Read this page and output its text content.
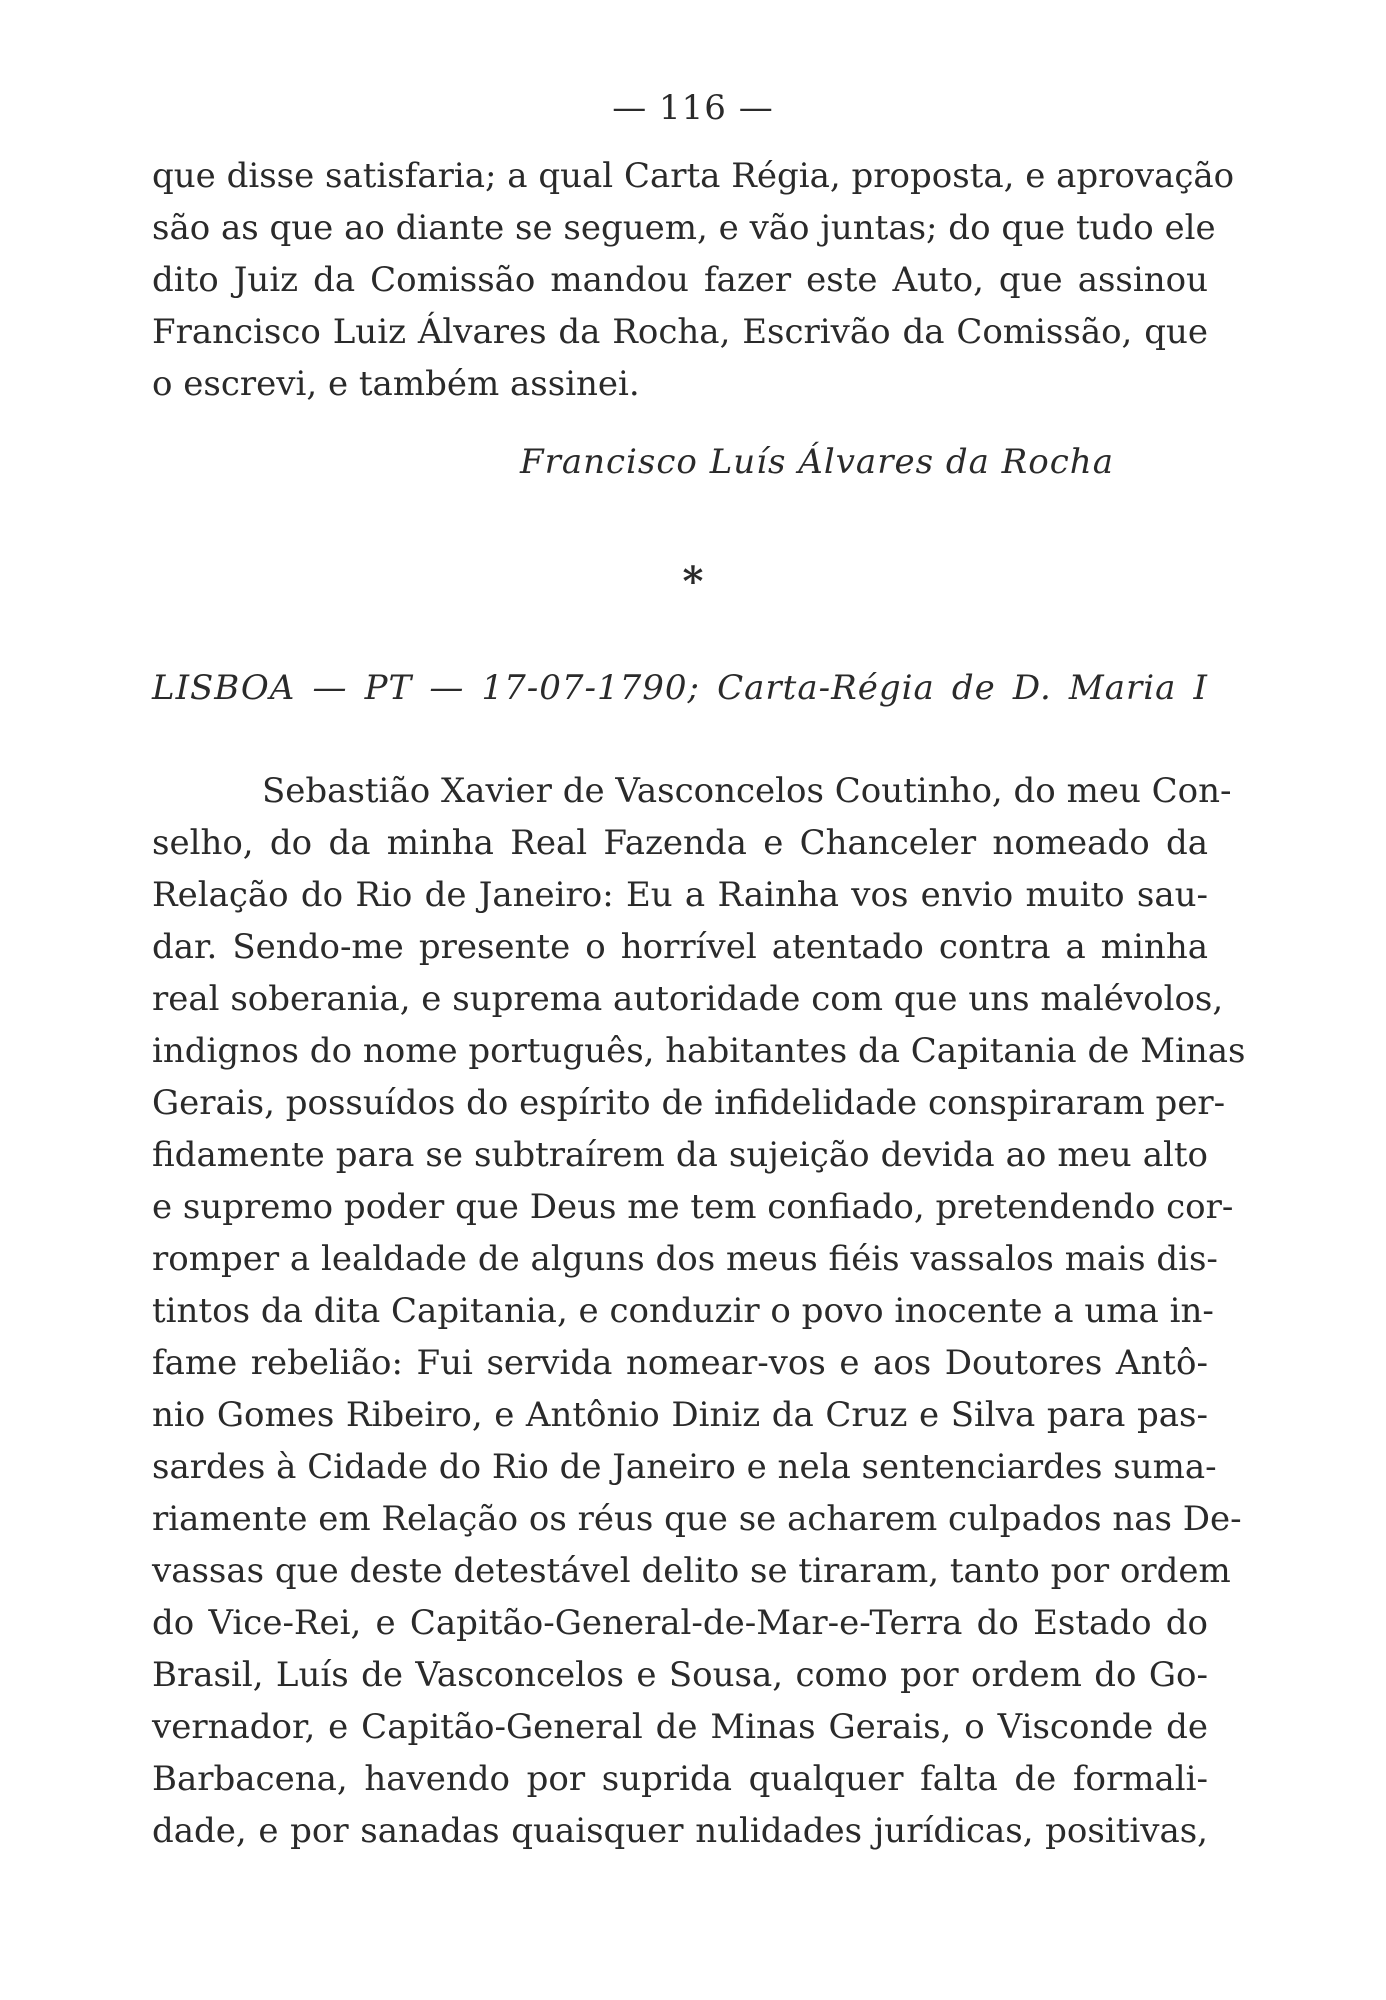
— 116 —
que disse satisfaria; a qual Carta Régia, proposta, e aprovação
são as que ao diante se seguem, e vão juntas; do que tudo ele
dito Juiz da Comissão mandou fazer este Auto, que assinou
Francisco Luiz Álvares da Rocha, Escrivão da Comissão, que
o escrevi, e também assinei.
Francisco Luís Álvares da Rocha
*
LISBOA — PT — 17-07-1790; Carta-Régia de D. Maria I
Sebastião Xavier de Vasconcelos Coutinho, do meu Con-
selho, do da minha Real Fazenda e Chanceler nomeado da
Relação do Rio de Janeiro: Eu a Rainha vos envio muito sau-
dar. Sendo-me presente o horrível atentado contra a minha
real soberania, e suprema autoridade com que uns malévolos,
indignos do nome português, habitantes da Capitania de Minas
Gerais, possuídos do espírito de infidelidade conspiraram per-
fidamente para se subtraírem da sujeição devida ao meu alto
e supremo poder que Deus me tem confiado, pretendendo cor-
romper a lealdade de alguns dos meus fiéis vassalos mais dis-
tintos da dita Capitania, e conduzir o povo inocente a uma in-
fame rebelião: Fui servida nomear-vos e aos Doutores Antô-
nio Gomes Ribeiro, e Antônio Diniz da Cruz e Silva para pas-
sardes à Cidade do Rio de Janeiro e nela sentenciardes suma-
riamente em Relação os réus que se acharem culpados nas De-
vassas que deste detestável delito se tiraram, tanto por ordem
do Vice-Rei, e Capitão-General-de-Mar-e-Terra do Estado do
Brasil, Luís de Vasconcelos e Sousa, como por ordem do Go-
vernador, e Capitão-General de Minas Gerais, o Visconde de
Barbacena, havendo por suprida qualquer falta de formali-
dade, e por sanadas quaisquer nulidades jurídicas, positivas,
